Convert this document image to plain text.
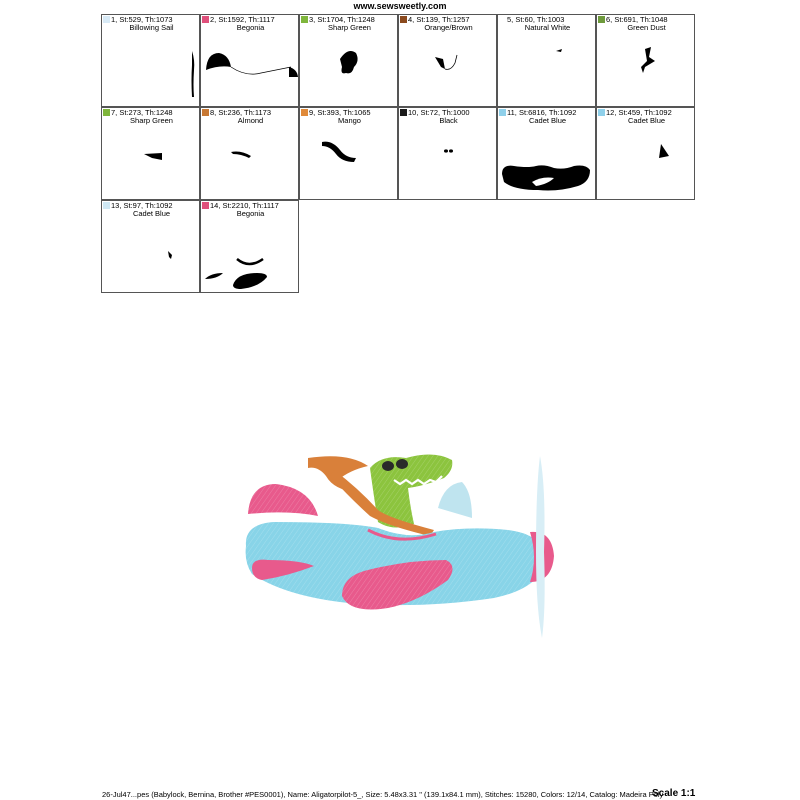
www.sewsweetly.com
1, St:529, Th:1073
Billowing Sail
2, St:1592, Th:1117
Begonia
3, St:1704, Th:1248
Sharp Green
4, St:139, Th:1257
Orange/Brown
5, St:60, Th:1003
Natural White
6, St:691, Th:1048
Green Dust
7, St:273, Th:1248
Sharp Green
8, St:236, Th:1173
Almond
9, St:393, Th:1065
Mango
10, St:72, Th:1000
Black
11, St:6816, Th:1092
Cadet Blue
12, St:459, Th:1092
Cadet Blue
13, St:97, Th:1092
Cadet Blue
14, St:2210, Th:1117
Begonia
26-Jul47...pes (Babylock, Bernina, Brother #PES0001), Name: Aligatorpilot-5_, Size: 5.48x3.31 " (139.1x84.1 mm), Stitches: 15280, Colors: 12/14, Catalog: Madeira Poly
Scale 1:1
